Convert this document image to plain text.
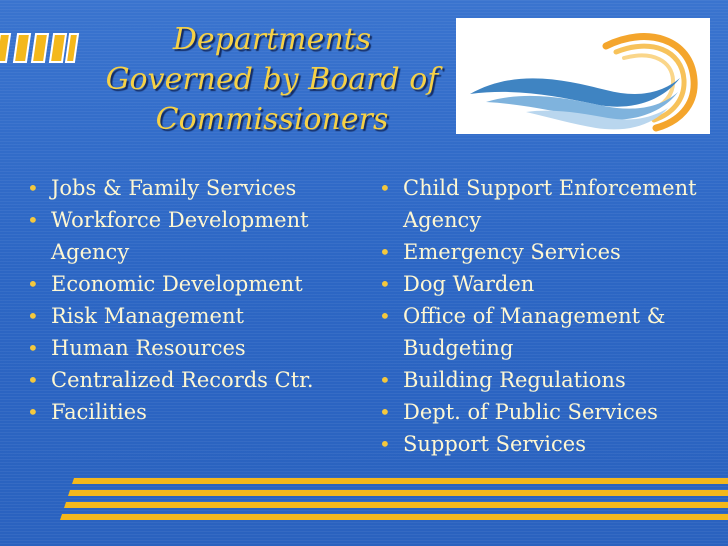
Departments
Governed by Board of
Commissioners
• Jobs & Family Services
• Workforce Development Agency
• Economic Development
• Risk Management
• Human Resources
• Centralized Records Ctr.
• Facilities
• Child Support Enforcement Agency
• Emergency Services
• Dog Warden
• Office of Management & Budgeting
• Building Regulations
• Dept. of Public Services
• Support Services
